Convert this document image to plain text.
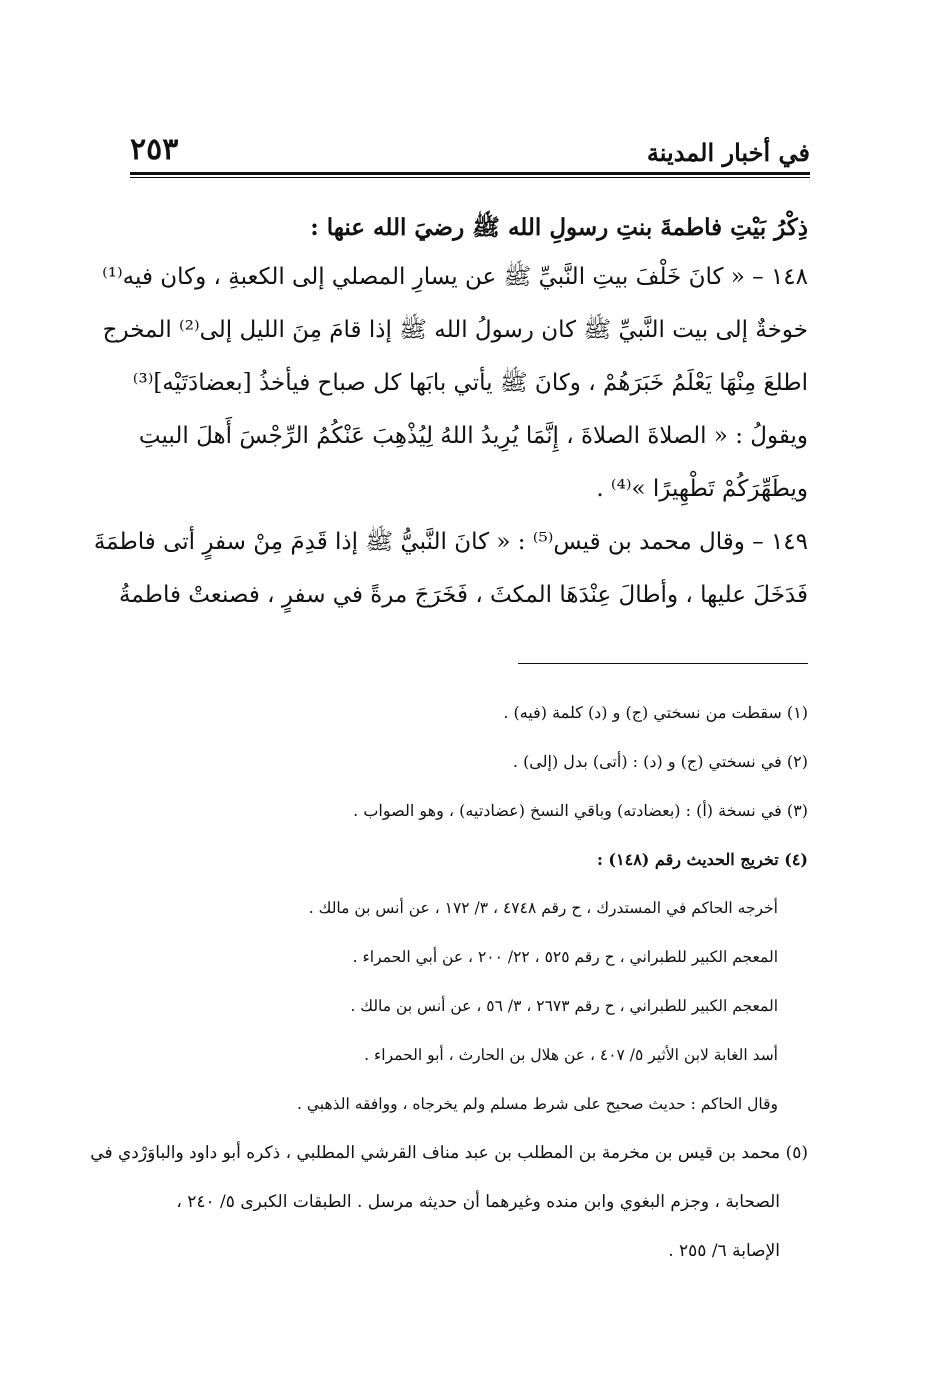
في أخبار المدينة
٢٥٣
ذِكْرُ بَيْتِ فاطمةَ بنتِ رسولِ الله ﷺ رضيَ الله عنها :
١٤٨ – « كانَ خَلْفَ بيتِ النَّبيِّ ﷺ عن يسارِ المصلي إلى الكعبةِ ، وكان فيه⁽¹⁾
خوخةٌ إلى بيت النَّبيِّ ﷺ كان رسولُ الله ﷺ إذا قامَ مِنَ الليل إلى⁽²⁾ المخرج
اطلعَ مِنْهَا يَعْلَمُ خَبَرَهُمْ ، وكانَ ﷺ يأتي بابَها كل صباح فيأخذُ [بعضادَتَيْه]⁽³⁾
ويقولُ : « الصلاةَ الصلاةَ ، إِنَّمَا يُرِيدُ اللهُ لِيُذْهِبَ عَنْكُمُ الرِّجْسَ أَهلَ البيتِ
ويطَهِّرَكُمْ تَطْهِيرًا »⁽⁴⁾ .
١٤٩ – وقال محمد بن قيس⁽⁵⁾ : « كانَ النَّبيُّ ﷺ إذا قَدِمَ مِنْ سفرٍ أتى فاطمَةَ
فَدَخَلَ عليها ، وأطالَ عِنْدَهَا المكثَ ، فَخَرَجَ مرةً في سفرٍ ، فصنعتْ فاطمةُ
(١) سقطت من نسختي (ج) و (د) كلمة (فيه) .
(٢) في نسختي (ج) و (د) : (أتى) بدل (إلى) .
(٣) في نسخة (أ) : (بعضادته) وباقي النسخ (عضادتيه) ، وهو الصواب .
(٤) تخريج الحديث رقم (١٤٨) :
أخرجه الحاكم في المستدرك ، ح رقم ٤٧٤٨ ، ٣/ ١٧٢ ، عن أنس بن مالك .
المعجم الكبير للطبراني ، ح رقم ٥٢٥ ، ٢٢/ ٢٠٠ ، عن أبي الحمراء .
المعجم الكبير للطبراني ، ح رقم ٢٦٧٣ ، ٣/ ٥٦ ، عن أنس بن مالك .
أسد الغابة لابن الأثير ٥/ ٤٠٧ ، عن هلال بن الحارث ، أبو الحمراء .
وقال الحاكم : حديث صحيح على شرط مسلم ولم يخرجاه ، ووافقه الذهبي .
(٥) محمد بن قيس بن مخرمة بن المطلب بن عبد مناف القرشي المطلبي ، ذكره أبو داود والباوَرْدي في
الصحابة ، وجزم البغوي وابن منده وغيرهما أن حديثه مرسل . الطبقات الكبرى ٥/ ٢٤٠ ،
الإصابة ٦/ ٢٥٥ .
